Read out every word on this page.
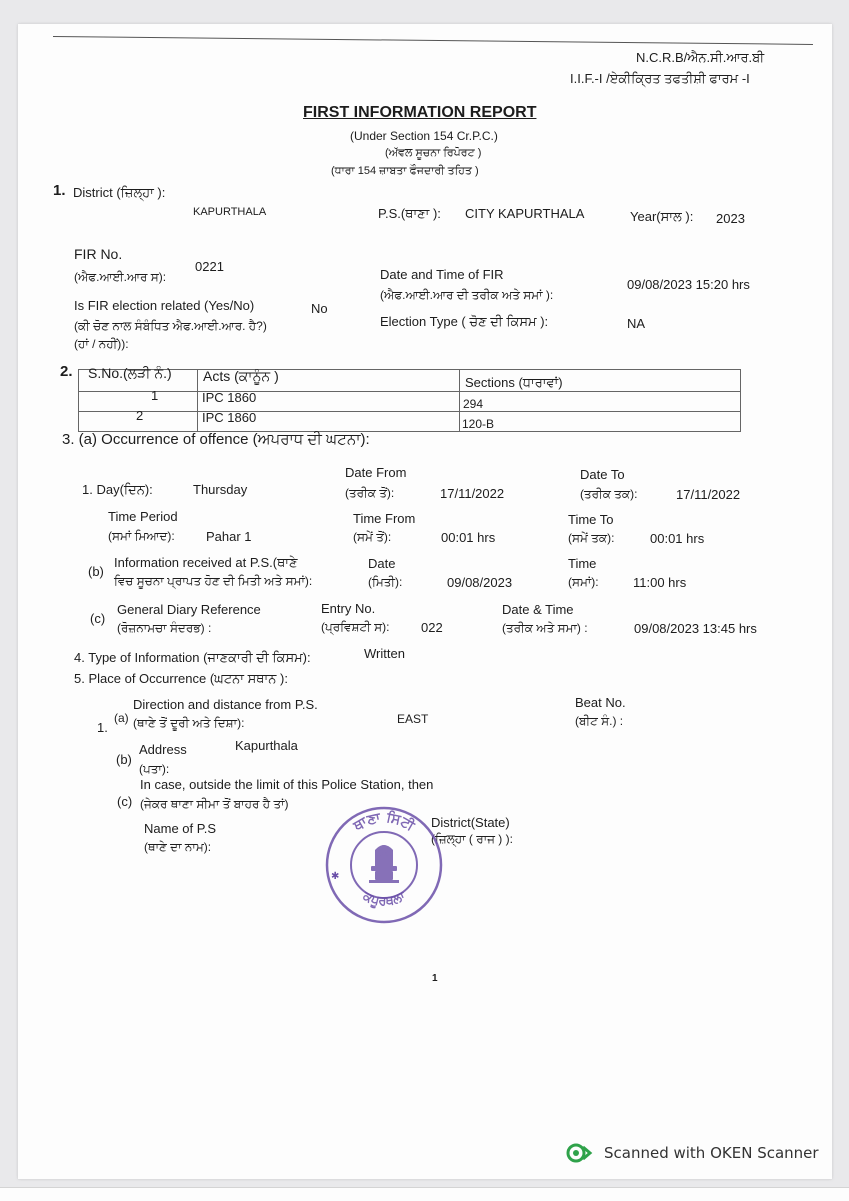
N.C.R.B/ਐਨ.ਸੀ.ਆਰ.ਬੀ
I.I.F.-I /ਏਕੀਕ੍ਰਿਤ ਤਫਤੀਸ਼ੀ ਫਾਰਮ -I
FIRST INFORMATION REPORT
(Under Section 154 Cr.P.C.)
(ਅੱਵਲ ਸੂਚਨਾ ਰਿਪੋਰਟ )
(ਧਾਰਾ 154 ਜ਼ਾਬਤਾ ਫੌਜਦਾਰੀ ਤਹਿਤ )
1. District (ਜ਼ਿਲ੍ਹਾ ):
KAPURTHALA	P.S.(ਥਾਣਾ ): CITY KAPURTHALA	Year(ਸਾਲ ): 2023
FIR No.
(ਐਫ.ਆਈ.ਆਰ ਸ):
0221
Date and Time of FIR
(ਐਫ.ਆਈ.ਆਰ ਦੀ ਤਰੀਕ ਅਤੇ ਸਮਾਂ ):
09/08/2023 15:20 hrs
Is FIR election related (Yes/No)	No
(ਕੀ ਚੋਣ ਨਾਲ ਸੰਬੰਧਿਤ ਐਫ.ਆਈ.ਆਰ. ਹੈ?)
(ਹਾਂ / ਨਹੀਂ)):
Election Type ( ਚੋਣ ਦੀ ਕਿਸਮ ):	NA
2. S.No.(ਲੜੀ ਨੰ.) Acts (ਕਾਨੂੰਨ )	Sections (ਧਾਰਾਵਾਂ)
1	IPC 1860	294
2	IPC 1860	120-B
3. (a) Occurrence of offence (ਅਪਰਾਧ ਦੀ ਘਟਨਾ):
1. Day(ਦਿਨ):	Thursday
Date From
(ਤਰੀਕ ਤੋਂ):	17/11/2022
Date To
(ਤਰੀਕ ਤਕ):	17/11/2022
Time Period
(ਸਮਾਂ ਮਿਆਦ): Pahar 1
Time From
(ਸਮੇਂ ਤੋਂ):	00:01 hrs
Time To
(ਸਮੇਂ ਤਕ):	00:01 hrs
(b)
Information received at P.S.(ਥਾਣੇ
ਵਿਚ ਸੂਚਨਾ ਪ੍ਰਾਪਤ ਹੋਣ ਦੀ ਮਿਤੀ ਅਤੇ ਸਮਾਂ):
Date
(ਮਿਤੀ):	09/08/2023
Time
(ਸਮਾਂ):	11:00 hrs
(c)
General Diary Reference
(ਰੋਜ਼ਨਾਮਚਾ ਸੰਦਰਭ) :
Entry No.
(ਪ੍ਰਵਿਸ਼ਟੀ ਸ): 022
Date & Time
(ਤਰੀਕ ਅਤੇ ਸਮਾ) :	09/08/2023 13:45 hrs
4. Type of Information (ਜਾਣਕਾਰੀ ਦੀ ਕਿਸਮ):	Written
5. Place of Occurrence (ਘਟਨਾ ਸਥਾਨ ):
1.
(a)
Direction and distance from P.S.
(ਥਾਣੇ ਤੋਂ ਦੂਰੀ ਅਤੇ ਦਿਸ਼ਾ):	EAST
Beat No.
(ਬੀਟ ਸੰ.) :
(b)
Address
(ਪਤਾ):
Kapurthala
(c)
In case, outside the limit of this Police Station, then
(ਜੇਕਰ ਥਾਣਾ ਸੀਮਾ ਤੋਂ ਬਾਹਰ ਹੈ ਤਾਂ)
Name of P.S
(ਥਾਣੇ ਦਾ ਨਾਮ):
District(State)
(ਜ਼ਿਲ੍ਹਾ ( ਰਾਜ ) ):
ਥਾਣਾ ਸਿਟੀ
ਕਪੂਰਥਲਾ
✱
1
Scanned with OKEN Scanner
